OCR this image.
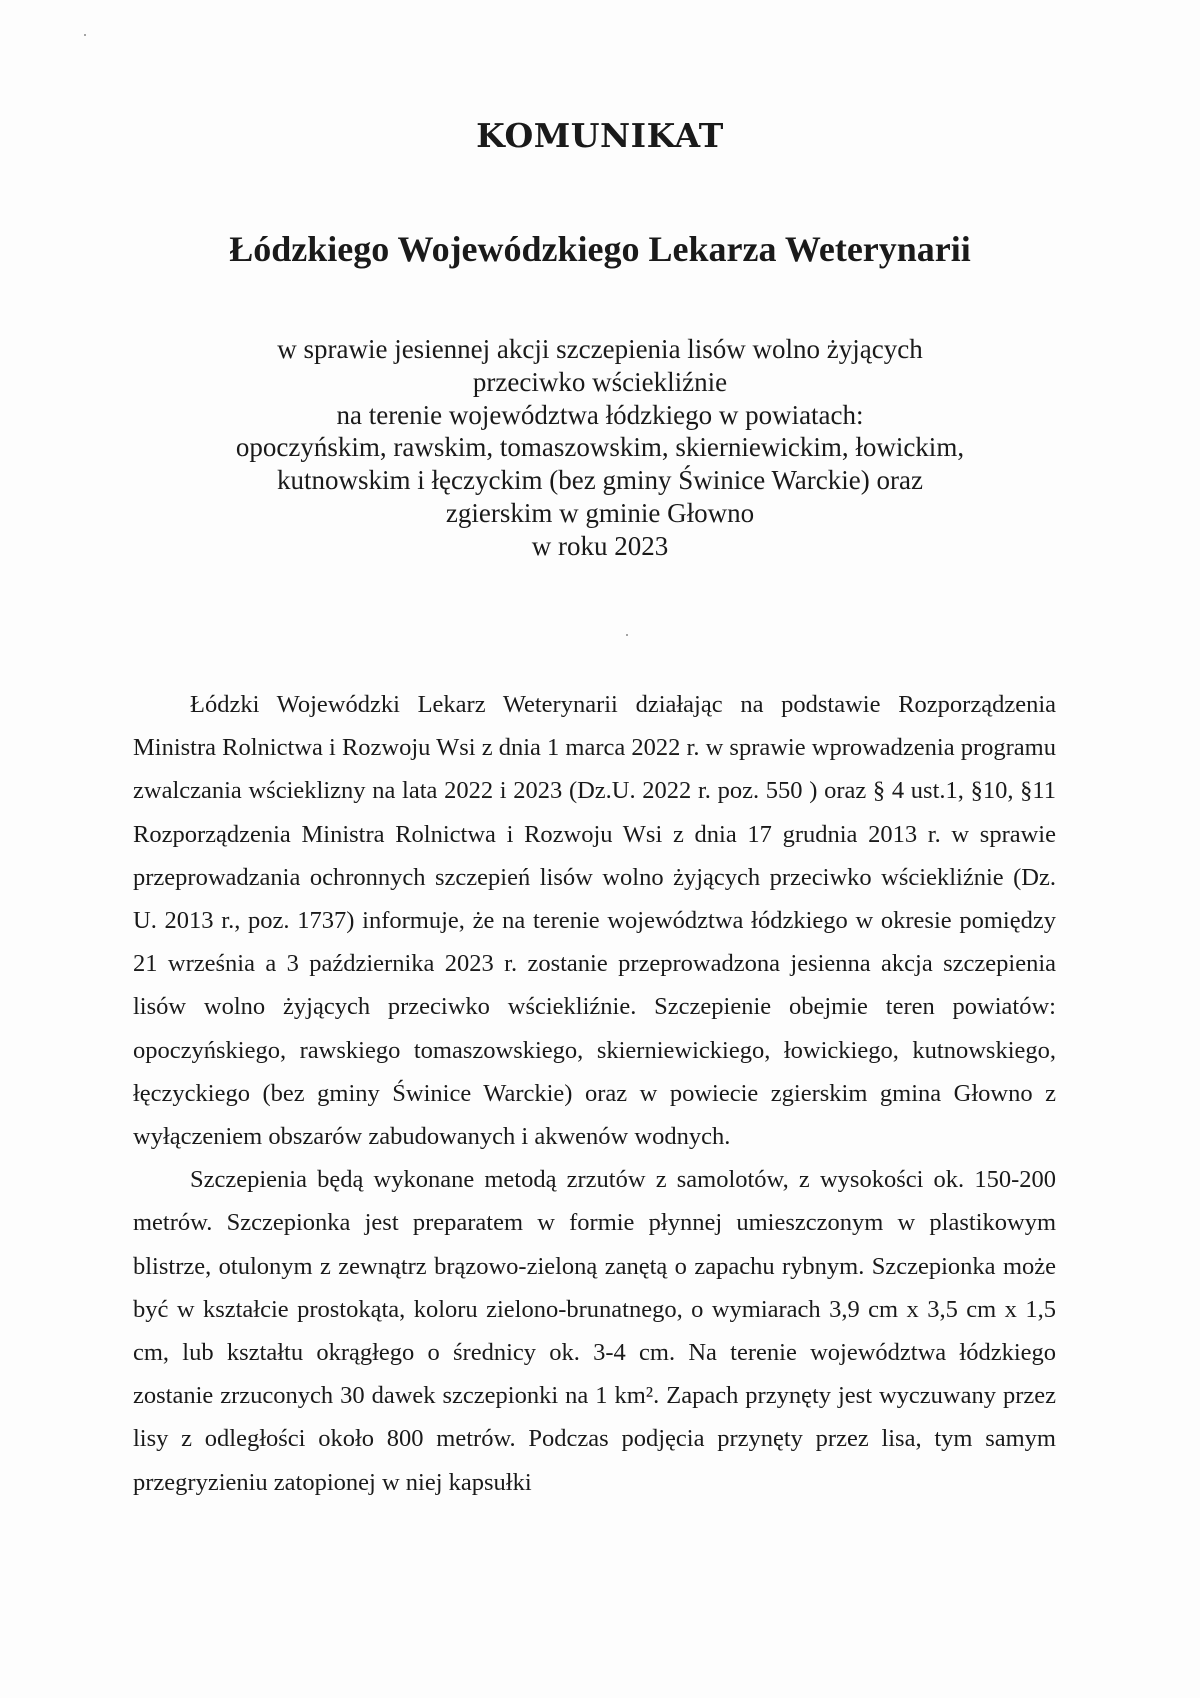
KOMUNIKAT
Łódzkiego Wojewódzkiego Lekarza Weterynarii
w sprawie jesiennej akcji szczepienia lisów wolno żyjących
przeciwko wściekliźnie
na terenie województwa łódzkiego w powiatach:
opoczyńskim, rawskim, tomaszowskim, skierniewickim, łowickim,
kutnowskim i łęczyckim (bez gminy Świnice Warckie) oraz
zgierskim w gminie Głowno
w roku 2023

Łódzki Wojewódzki Lekarz Weterynarii działając na podstawie Rozporządzenia Ministra Rolnictwa i Rozwoju Wsi z dnia 1 marca 2022 r. w sprawie wprowadzenia programu zwalczania wścieklizny na lata 2022 i 2023 (Dz.U. 2022 r. poz. 550 ) oraz § 4 ust.1, §10, §11 Rozporządzenia Ministra Rolnictwa i Rozwoju Wsi z dnia 17 grudnia 2013 r. w sprawie przeprowadzania ochronnych szczepień lisów wolno żyjących przeciwko wściekliźnie (Dz. U. 2013 r., poz. 1737) informuje, że na terenie województwa łódzkiego w okresie pomiędzy 21 września a 3 października 2023 r. zostanie przeprowadzona jesienna akcja szczepienia lisów wolno żyjących przeciwko wściekliźnie. Szczepienie obejmie teren powiatów: opoczyńskiego, rawskiego tomaszowskiego, skierniewickiego, łowickiego, kutnowskiego, łęczyckiego (bez gminy Świnice Warckie) oraz w powiecie zgierskim gmina Głowno z wyłączeniem obszarów zabudowanych i akwenów wodnych.

Szczepienia będą wykonane metodą zrzutów z samolotów, z wysokości ok. 150-200 metrów. Szczepionka jest preparatem w formie płynnej umieszczonym w plastikowym blistrze, otulonym z zewnątrz brązowo-zieloną zanętą o zapachu rybnym. Szczepionka może być w kształcie prostokąta, koloru zielono-brunatnego, o wymiarach 3,9 cm x 3,5 cm x 1,5 cm, lub kształtu okrągłego o średnicy ok. 3-4 cm. Na terenie województwa łódzkiego zostanie zrzuconych 30 dawek szczepionki na 1 km². Zapach przynęty jest wyczuwany przez lisy z odległości około 800 metrów. Podczas podjęcia przynęty przez lisa, tym samym przegryzieniu zatopionej w niej kapsułki
